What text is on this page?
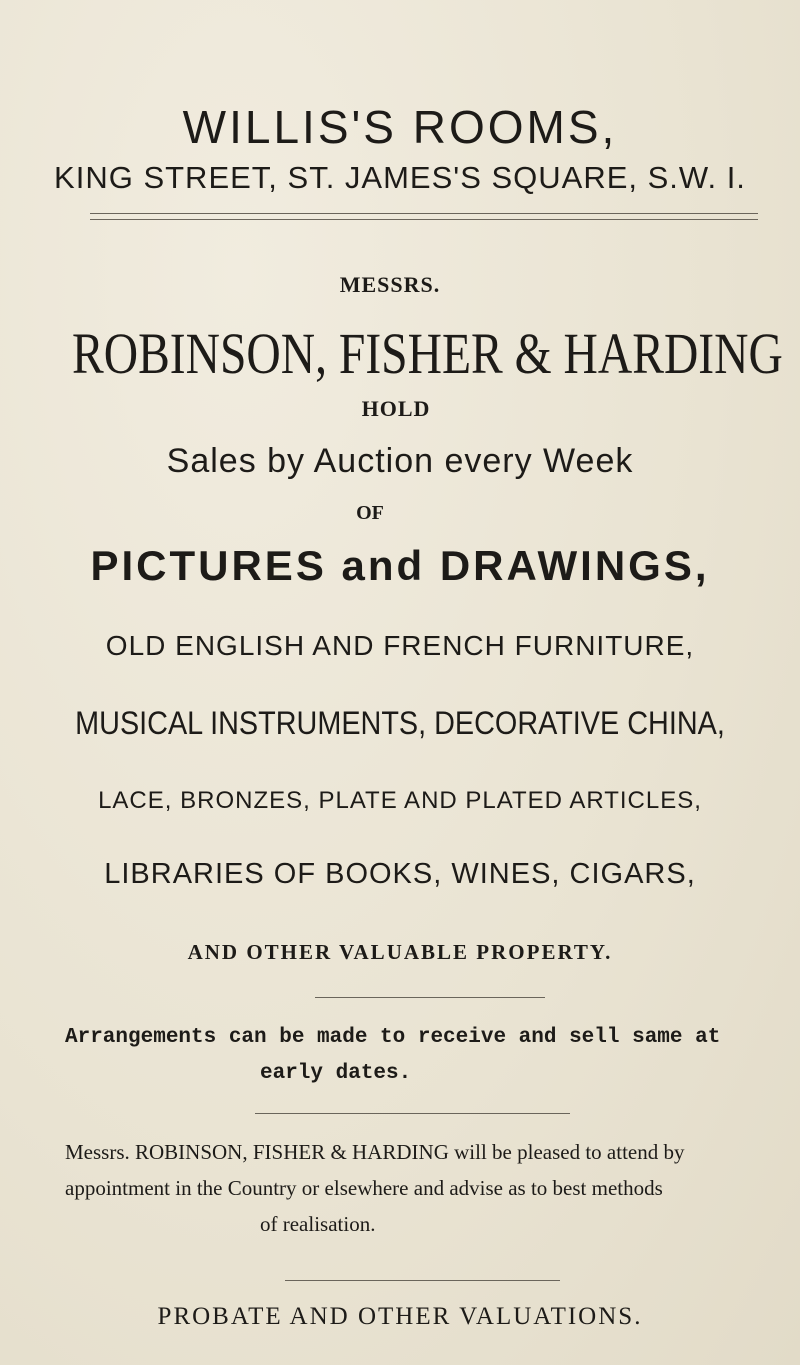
WILLIS'S ROOMS,
KING STREET, ST. JAMES'S SQUARE, S.W. I.
MESSRS.
ROBINSON, FISHER & HARDING
HOLD
Sales by Auction every Week
OF
PICTURES and DRAWINGS,
OLD ENGLISH AND FRENCH FURNITURE,
MUSICAL INSTRUMENTS, DECORATIVE CHINA,
LACE, BRONZES, PLATE AND PLATED ARTICLES,
LIBRARIES OF BOOKS, WINES, CIGARS,
AND OTHER VALUABLE PROPERTY.
Arrangements can be made to receive and sell same at
early dates.
Messrs. ROBINSON, FISHER & HARDING will be pleased to attend by
appointment in the Country or elsewhere and advise as to best methods
of realisation.
PROBATE AND OTHER VALUATIONS.
